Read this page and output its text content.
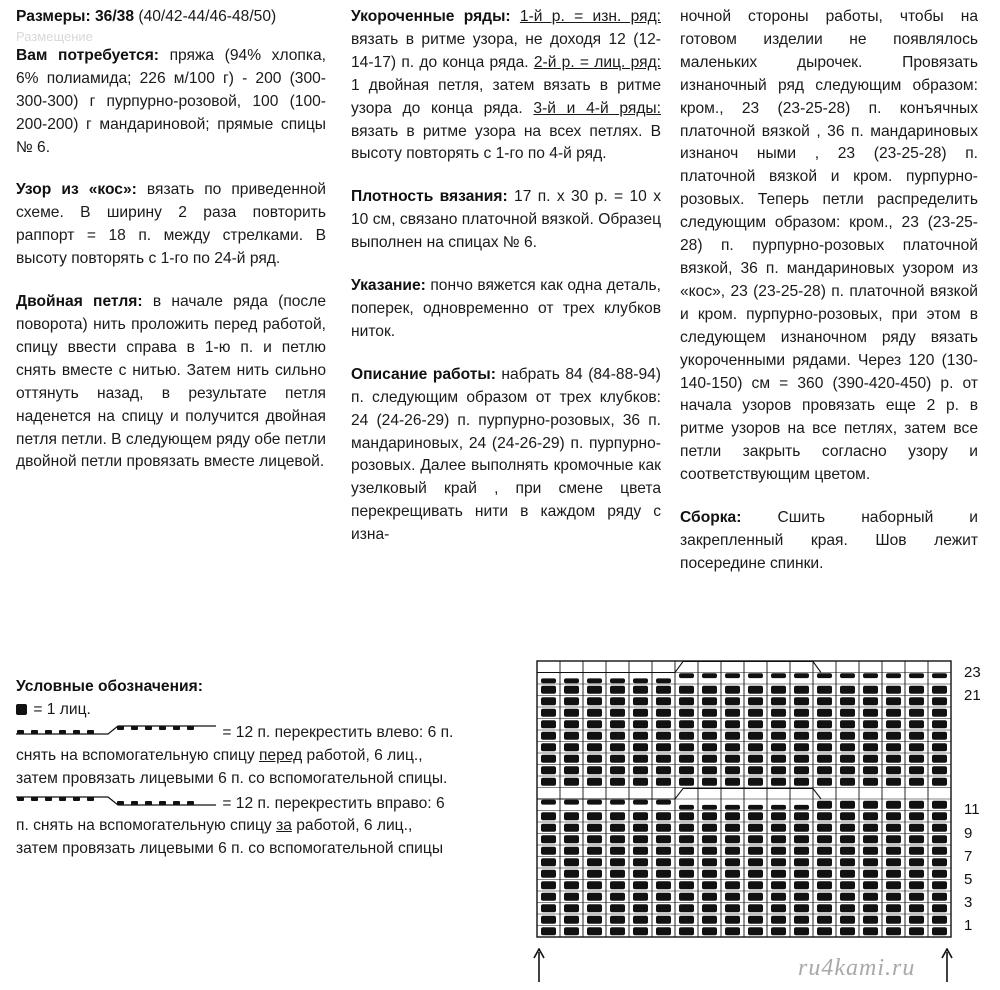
Размеры: 36/38 (40/42-44/46-48/50)

Размещение

Вам потребуется: пряжа (94% хлопка, 6% полиамида; 226 м/100 г) - 200 (300-300-300) г пурпурно-розовой, 100 (100-200-200) г мандариновой; прямые спицы № 6.

Узор из «кос»: вязать по приведенной схеме. В ширину 2 раза повторить раппорт = 18 п. между стрелками. В высоту повторять с 1-го по 24-й ряд.

Двойная петля: в начале ряда (после поворота) нить проложить перед работой, спицу ввести справа в 1-ю п. и петлю снять вместе с нитью. Затем нить сильно оттянуть назад, в результате петля наденется на спицу и получится двойная петля петли. В следующем ряду обе петли двойной петли провязать вместе лицевой.

Укороченные ряды: 1-й р. = изн. ряд: вязать в ритме узора, не доходя 12 (12-14-17) п. до конца ряда. 2-й р. = лиц. ряд: 1 двойная петля, затем вязать в ритме узора до конца ряда. 3-й и 4-й ряды: вязать в ритме узора на всех петлях. В высоту повторять с 1-го по 4-й ряд.

Плотность вязания: 17 п. х 30 р. = 10 х 10 см, связано платочной вязкой. Образец выполнен на спицах № 6.

Указание: пончо вяжется как одна деталь, поперек, одновременно от трех клубков ниток.

Описание работы: набрать 84 (84-88-94) п. следующим образом от трех клубков: 24 (24-26-29) п. пурпурно-розовых, 36 п. мандариновых, 24 (24-26-29) п. пурпурно-розовых. Далее выполнять кромочные как узелковый край , при смене цвета перекрещивать нити в каждом ряду с изна-

ночной стороны работы, чтобы на готовом изделии не появлялось маленьких дырочек. Провязать изнаночный ряд следующим образом: кром., 23 (23-25-28) п. конъячных платочной вязкой , 36 п. мандариновых изнаноч ными , 23 (23-25-28) п. платочной вязкой и кром. пурпурно-розовых. Теперь петли распределить следующим образом: кром., 23 (23-25-28) п. пурпурно-розовых платочной вязкой, 36 п. мандариновых узором из «кос», 23 (23-25-28) п. платочной вязкой и кром. пурпурно-розовых, при этом в следующем изнаночном ряду вязать укороченными рядами. Через 120 (130-140-150) см = 360 (390-420-450) р. от начала узоров провязать еще 2 р. в ритме узоров на все петлях, затем все петли закрыть согласно узору и соответствующим цветом.

Сборка: Сшить наборный и закрепленный края. Шов лежит посередине спинки.

Условные обозначения:

= 1 лиц.

= 12 п. перекрестить влево: 6 п. снять на вспомогательную спицу перед работой, 6 лиц., затем провязать лицевыми 6 п. со вспомогательной спицы.

= 12 п. перекрестить вправо: 6 п. снять на вспомогательную спицу за работой, 6 лиц., затем провязать лицевыми 6 п. со вспомогательной спицы

23
21
11
9
7
5
3
1
ru4kami.ru
